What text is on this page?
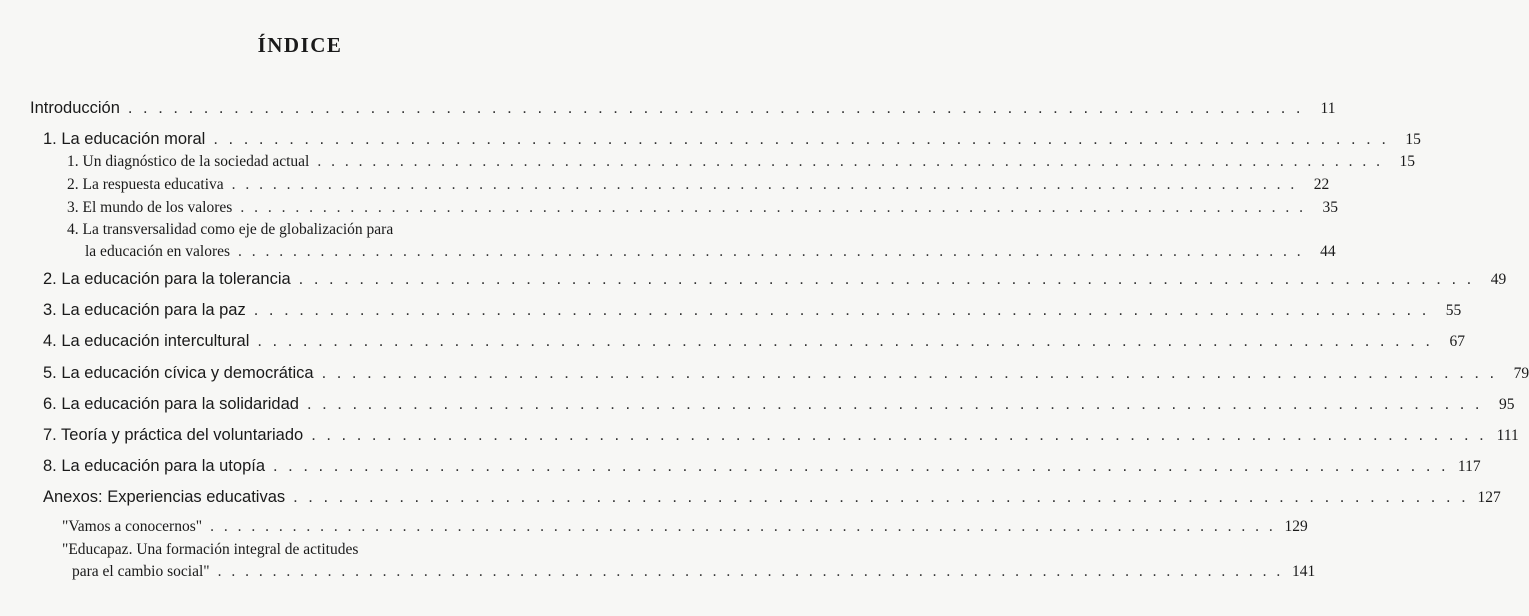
ÍNDICE
Introducción . . . . . . . . . . . . . . . . . . . . . . . . . . . . . . . . . . . . . . . . . . . . . . . . . . . . . . . . . . . . . . . . . . . . . . . . . . . . . .	11
1. La educación moral . . . . . . . . . . . . . . . . . . . . . . . . . . . . . . . . . . . . . . . . . . . . . . . . . . . . . . . . . . . . . . . . . . . . . . . . . . . . . .	15
1. Un diagnóstico de la sociedad actual . . . . . . . . . . . . . . . . . . . . . . . . . . . . . . . . . . . . . . . . . . . . . . . . . . . . . . . . . . . . . . . . . . . . . . . . . . . . . .	15
2. La respuesta educativa . . . . . . . . . . . . . . . . . . . . . . . . . . . . . . . . . . . . . . . . . . . . . . . . . . . . . . . . . . . . . . . . . . . . . . . . . . . . . .	22
3. El mundo de los valores . . . . . . . . . . . . . . . . . . . . . . . . . . . . . . . . . . . . . . . . . . . . . . . . . . . . . . . . . . . . . . . . . . . . . . . . . . . . . .	35
4. La transversalidad como eje de globalización para
la educación en valores . . . . . . . . . . . . . . . . . . . . . . . . . . . . . . . . . . . . . . . . . . . . . . . . . . . . . . . . . . . . . . . . . . . . . . . . . . . . . .	44
2. La educación para la tolerancia . . . . . . . . . . . . . . . . . . . . . . . . . . . . . . . . . . . . . . . . . . . . . . . . . . . . . . . . . . . . . . . . . . . . . . . . . . . . . .	49
3. La educación para la paz . . . . . . . . . . . . . . . . . . . . . . . . . . . . . . . . . . . . . . . . . . . . . . . . . . . . . . . . . . . . . . . . . . . . . . . . . . . . . .	55
4. La educación intercultural . . . . . . . . . . . . . . . . . . . . . . . . . . . . . . . . . . . . . . . . . . . . . . . . . . . . . . . . . . . . . . . . . . . . . . . . . . . . . .	67
5. La educación cívica y democrática . . . . . . . . . . . . . . . . . . . . . . . . . . . . . . . . . . . . . . . . . . . . . . . . . . . . . . . . . . . . . . . . . . . . . . . . . . . . . .	79
6. La educación para la solidaridad . . . . . . . . . . . . . . . . . . . . . . . . . . . . . . . . . . . . . . . . . . . . . . . . . . . . . . . . . . . . . . . . . . . . . . . . . . . . . .	95
7. Teoría y práctica del voluntariado . . . . . . . . . . . . . . . . . . . . . . . . . . . . . . . . . . . . . . . . . . . . . . . . . . . . . . . . . . . . . . . . . . . . . . . . . . . . . . 111
8. La educación para la utopía . . . . . . . . . . . . . . . . . . . . . . . . . . . . . . . . . . . . . . . . . . . . . . . . . . . . . . . . . . . . . . . . . . . . . . . . . . . . . . 117
Anexos: Experiencias educativas . . . . . . . . . . . . . . . . . . . . . . . . . . . . . . . . . . . . . . . . . . . . . . . . . . . . . . . . . . . . . . . . . . . . . . . . . . . . . . 127
"Vamos a conocernos" . . . . . . . . . . . . . . . . . . . . . . . . . . . . . . . . . . . . . . . . . . . . . . . . . . . . . . . . . . . . . . . . . . . . . . . . . . . . . . 129
"Educapaz. Una formación integral de actitudes
para el cambio social" . . . . . . . . . . . . . . . . . . . . . . . . . . . . . . . . . . . . . . . . . . . . . . . . . . . . . . . . . . . . . . . . . . . . . . . . . . . . . . 141
